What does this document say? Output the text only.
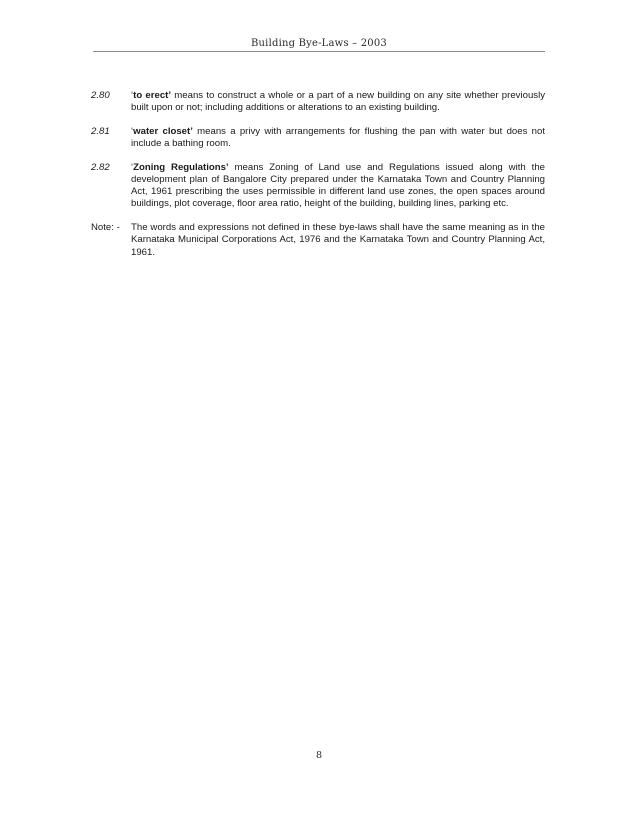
Building Bye-Laws – 2003
2.80	‘to erect’ means to construct a whole or a part of a new building on any site whether previously built upon or not; including additions or alterations to an existing building.
2.81	‘water closet’ means a privy with arrangements for flushing the pan with water but does not include a bathing room.
2.82	‘Zoning Regulations’ means Zoning of Land use and Regulations issued along with the development plan of Bangalore City prepared under the Karnataka Town and Country Planning Act, 1961 prescribing the uses permissible in different land use zones, the open spaces around buildings, plot coverage, floor area ratio, height of the building, building lines, parking etc.
Note: -	The words and expressions not defined in these bye-laws shall have the same meaning as in the Karnataka Municipal Corporations Act, 1976 and the Karnataka Town and Country Planning Act, 1961.
8
